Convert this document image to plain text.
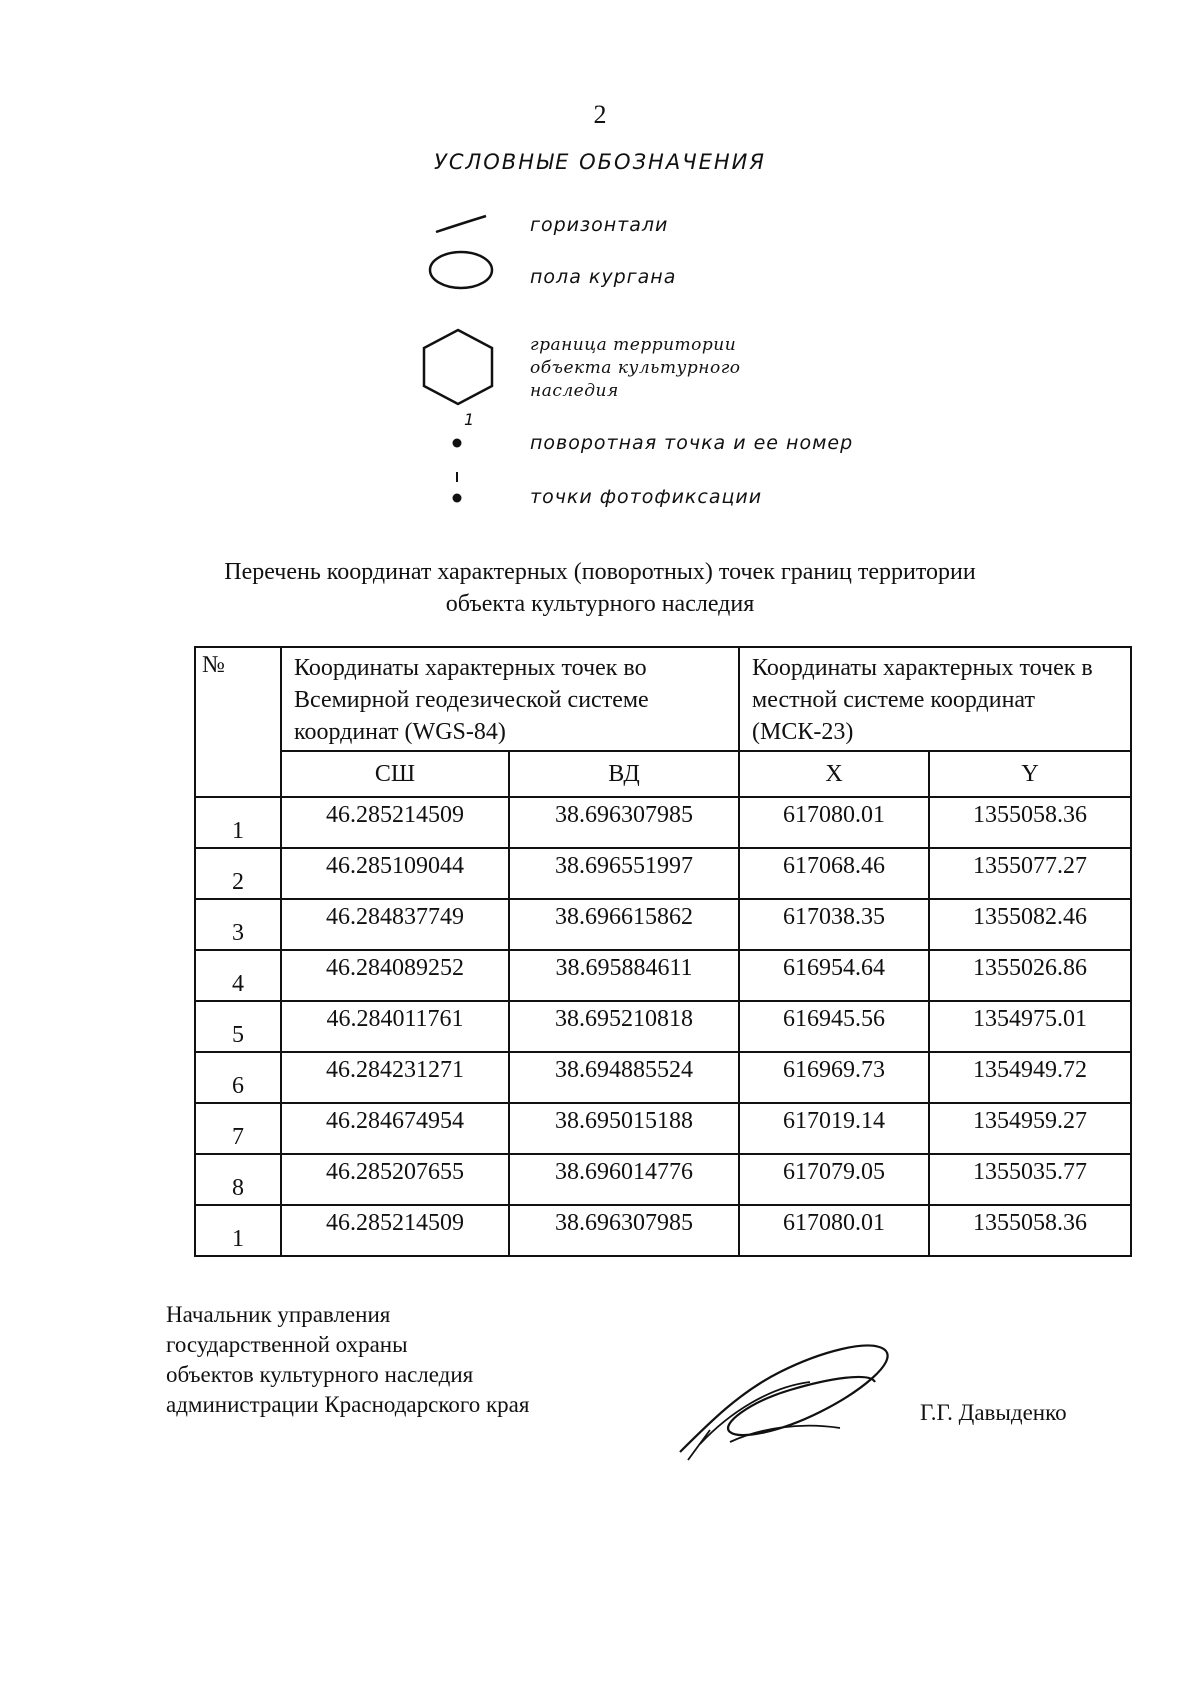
2
УСЛОВНЫЕ ОБОЗНАЧЕНИЯ
горизонтали
пола кургана
граница территории
объекта культурного
наследия
1
поворотная точка и ее номер
точки фотофиксации
Перечень координат характерных (поворотных) точек границ территории
объекта культурного наследия
№	Координаты характерных точек во Всемирной геодезической системе координат (WGS-84)		Координаты характерных точек в местной системе координат (МСК-23)	
	СШ	ВД	X	Y
1	46.285214509	38.696307985	617080.01	1355058.36
2	46.285109044	38.696551997	617068.46	1355077.27
3	46.284837749	38.696615862	617038.35	1355082.46
4	46.284089252	38.695884611	616954.64	1355026.86
5	46.284011761	38.695210818	616945.56	1354975.01
6	46.284231271	38.694885524	616969.73	1354949.72
7	46.284674954	38.695015188	617019.14	1354959.27
8	46.285207655	38.696014776	617079.05	1355035.77
1	46.285214509	38.696307985	617080.01	1355058.36
Начальник управления
государственной охраны
объектов культурного наследия
администрации Краснодарского края	Г.Г. Давыденко
